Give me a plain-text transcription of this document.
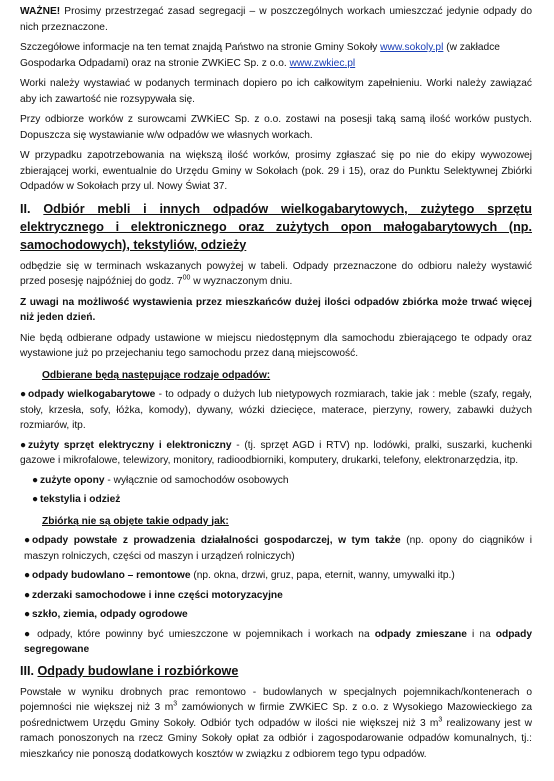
WAŻNE! Prosimy przestrzegać zasad segregacji – w poszczególnych workach umieszczać jedynie odpady do nich przeznaczone.

Szczegółowe informacje na ten temat znajdą Państwo na stronie Gminy Sokoły www.sokoly.pl (w zakładce Gospodarka Odpadami) oraz na stronie ZWKiEC Sp. z o.o. www.zwkiec.pl

Worki należy wystawiać w podanych terminach dopiero po ich całkowitym zapełnieniu. Worki należy zawiązać aby ich zawartość nie rozsypywała się.

Przy odbiorze worków z surowcami ZWKiEC Sp. z o.o. zostawi na posesji taką samą ilość worków pustych. Dopuszcza się wystawianie w/w odpadów we własnych workach.

W przypadku zapotrzebowania na większą ilość worków, prosimy zgłaszać się po nie do ekipy wywozowej zbierającej worki, ewentualnie do Urzędu Gminy w Sokołach (pok. 29 i 15), oraz do Punktu Selektywnej Zbiórki Odpadów w Sokołach przy ul. Nowy Świat 37.

II. Odbiór mebli i innych odpadów wielkogabarytowych, zużytego sprzętu elektrycznego i elektronicznego oraz zużytych opon małogabarytowych (np. samochodowych), tekstyliów, odzieży

odbędzie się w terminach wskazanych powyżej w tabeli. Odpady przeznaczone do odbioru należy wystawić przed posesję najpóźniej do godz. $7^{00}$ w wyznaczonym dniu.

Z uwagi na możliwość wystawienia przez mieszkańców dużej ilości odpadów zbiórka może trwać więcej niż jeden dzień.

Nie będą odbierane odpady ustawione w miejscu niedostępnym dla samochodu zbierającego te odpady oraz wystawione już po przejechaniu tego samochodu przez daną miejscowość.

Odbierane będą następujące rodzaje odpadów:
● odpady wielkogabarytowe - to odpady o dużych lub nietypowych rozmiarach, takie jak : meble (szafy, regały, stoły, krzesła, sofy, łóżka, komody), dywany, wózki dziecięce, materace, pierzyny, rowery, zabawki dużych rozmiarów, itp.
● zużyty sprzęt elektryczny i elektroniczny - (tj. sprzęt AGD i RTV) np. lodówki, pralki, suszarki, kuchenki gazowe i mikrofalowe, telewizory, monitory, radioodbiorniki, komputery, drukarki, telefony, elektronarzędzia, itp.
● zużyte opony - wyłącznie od samochodów osobowych
● tekstylia i odzież
Zbiórką nie są objęte takie odpady jak:
● odpady powstałe z prowadzenia działalności gospodarczej, w tym także (np. opony do ciągników i maszyn rolniczych, części od maszyn i urządzeń rolniczych)
● odpady budowlano – remontowe (np. okna, drzwi, gruz, papa, eternit, wanny, umywalki itp.)
● zderzaki samochodowe i inne części motoryzacyjne
● szkło, ziemia, odpady ogrodowe
● odpady, które powinny być umieszczone w pojemnikach i workach na odpady zmieszane i na odpady segregowane
III. Odpady budowlane i rozbiórkowe

Powstałe w wyniku drobnych prac remontowo - budowlanych w specjalnych pojemnikach/kontenerach o pojemności nie większej niż 3 $m^3$ zamówionych w firmie ZWKiEC Sp. z o.o. z Wysokiego Mazowieckiego za pośrednictwem Urzędu Gminy Sokoły. Odbiór tych odpadów w ilości nie większej niż 3 $m^3$ realizowany jest w ramach ponoszonych na rzecz Gminy Sokoły opłat za odbiór i zagospodarowanie odpadów komunalnych, tj.: mieszkańcy nie ponoszą dodatkowych kosztów w związku z odbiorem tego typu odpadów.
